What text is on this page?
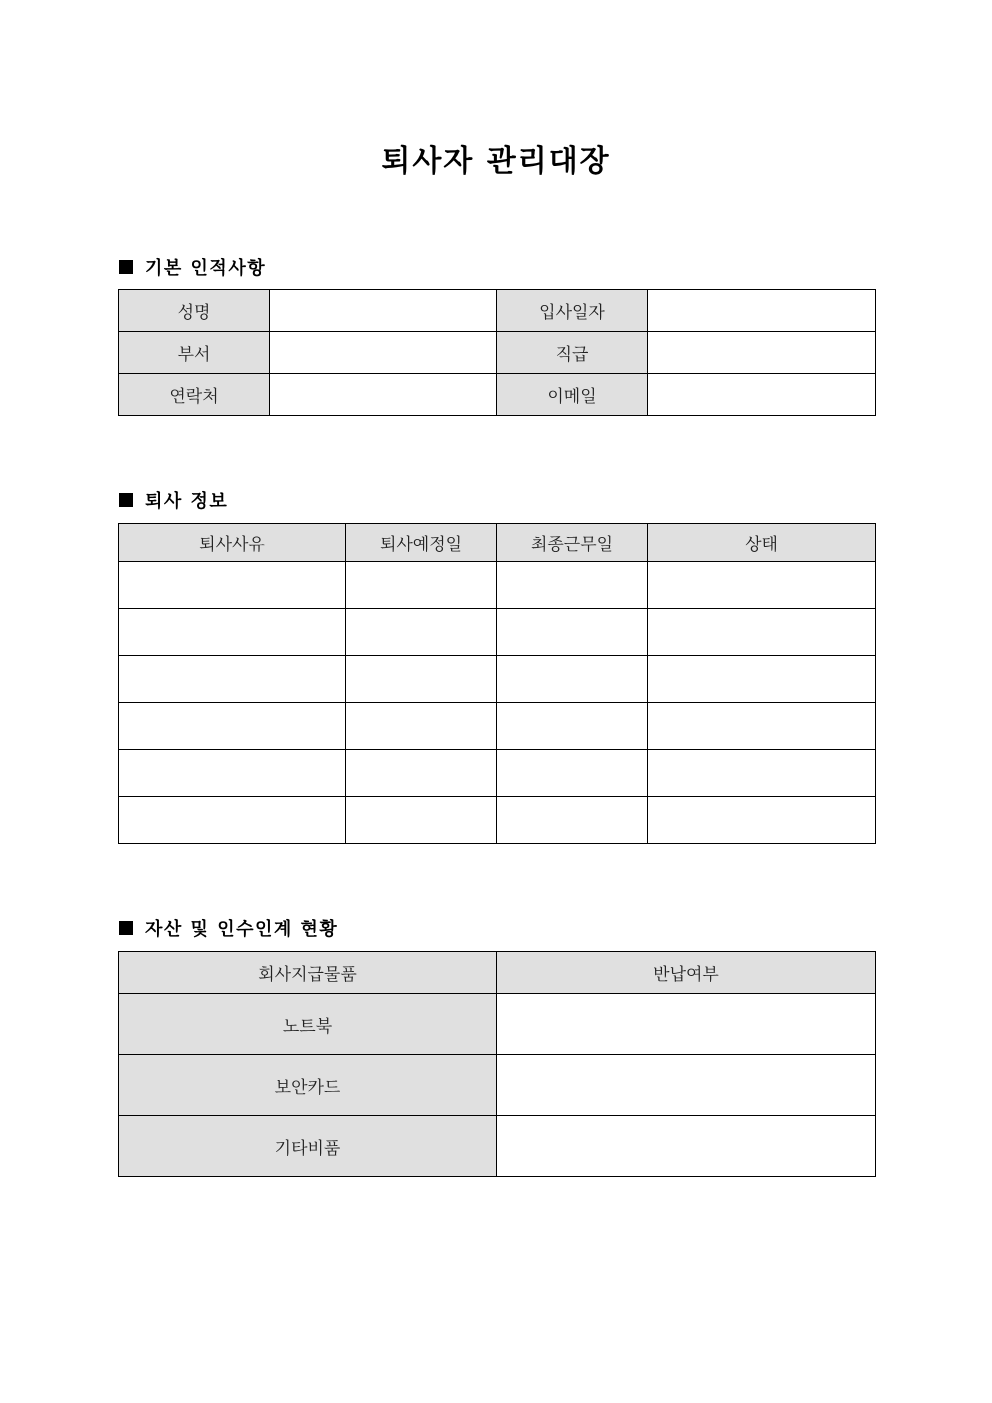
퇴사자 관리대장
기본 인적사항
성명		입사일자	
부서		직급	
연락처		이메일	
퇴사 정보
퇴사사유	퇴사예정일	최종근무일	상태

자산 및 인수인계 현황
회사지급물품	반납여부
노트북	
보안카드	
기타비품	
